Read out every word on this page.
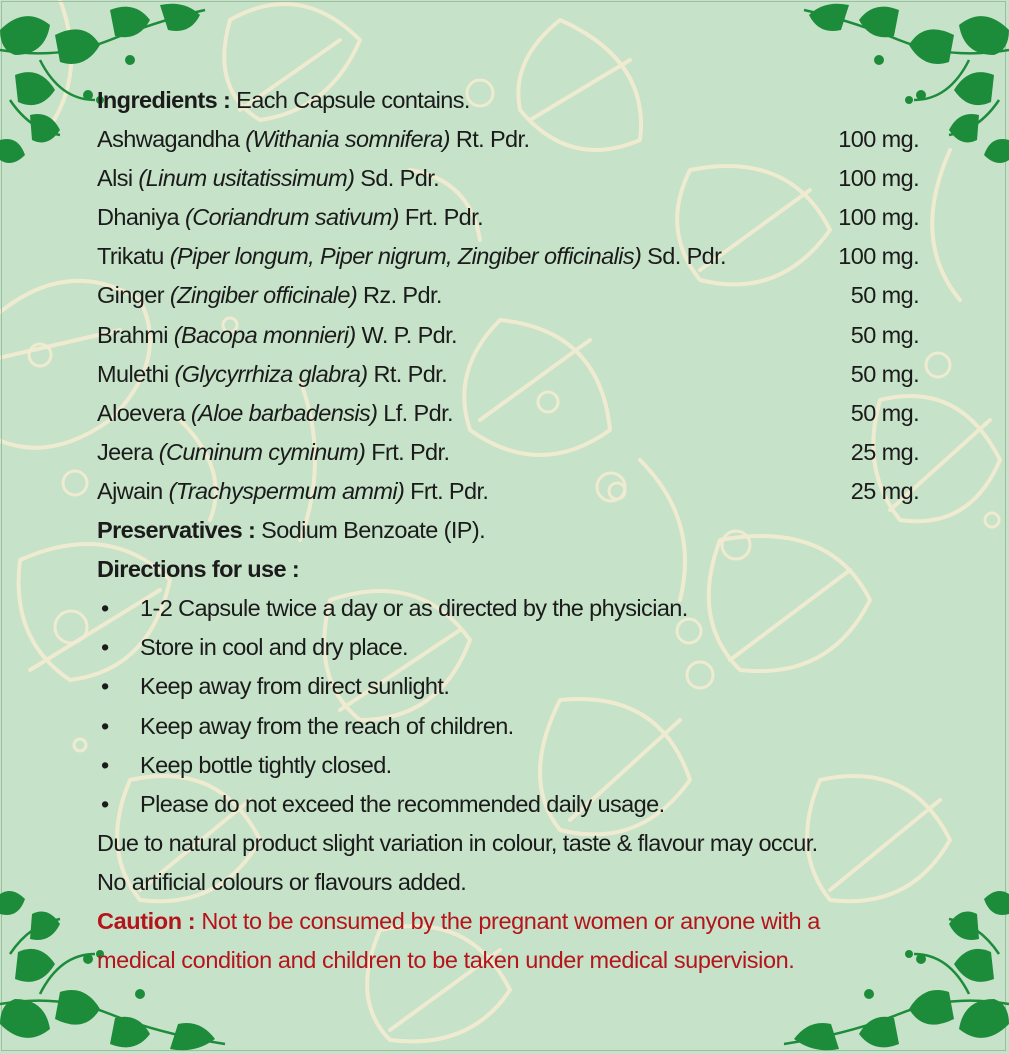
Ingredients : Each Capsule contains.
Ashwagandha (Withania somnifera) Rt. Pdr.	100 mg.
Alsi (Linum usitatissimum) Sd. Pdr.	100 mg.
Dhaniya (Coriandrum sativum) Frt. Pdr.	100 mg.
Trikatu (Piper longum, Piper nigrum, Zingiber officinalis) Sd. Pdr.	100 mg.
Ginger (Zingiber officinale) Rz. Pdr.	50 mg.
Brahmi (Bacopa monnieri) W. P. Pdr.	50 mg.
Mulethi (Glycyrrhiza glabra) Rt. Pdr.	50 mg.
Aloevera (Aloe barbadensis) Lf. Pdr.	50 mg.
Jeera (Cuminum cyminum) Frt. Pdr.	25 mg.
Ajwain (Trachyspermum ammi) Frt. Pdr.	25 mg.
Preservatives : Sodium Benzoate (IP).
Directions for use :
•	1-2 Capsule twice a day or as directed by the physician.
•	Store in cool and dry place.
•	Keep away from direct sunlight.
•	Keep away from the reach of children.
•	Keep bottle tightly closed.
•	Please do not exceed the recommended daily usage.
Due to natural product slight variation in colour, taste & flavour may occur.
No artificial colours or flavours added.
Caution : Not to be consumed by the pregnant women or anyone with a
medical condition and children to be taken under medical supervision.
